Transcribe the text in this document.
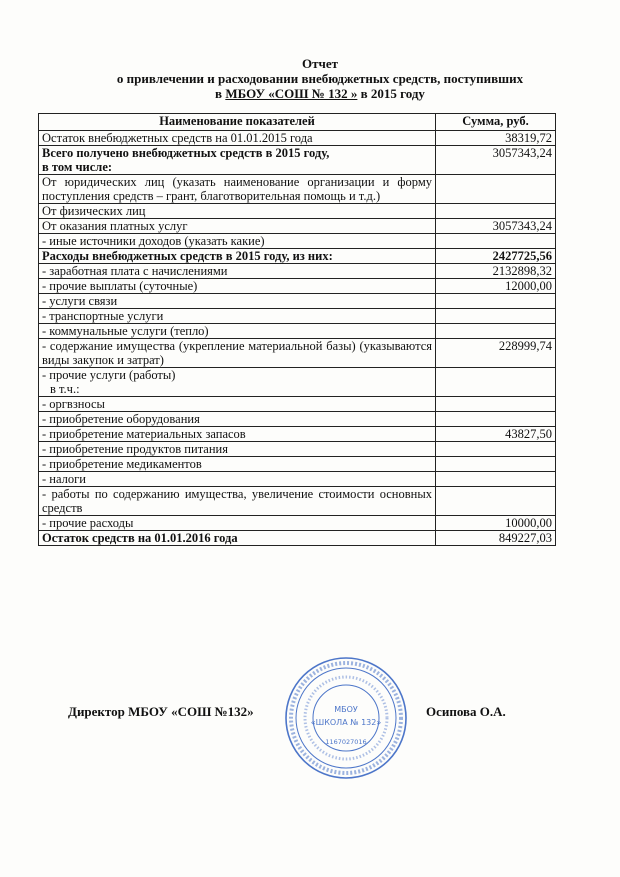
Отчет
о привлечении и расходовании внебюджетных средств, поступивших
в МБОУ «СОШ № 132 » в 2015 году
Наименование показателей	Сумма, руб.
Остаток внебюджетных средств на 01.01.2015 года	38319,72

Всего получено внебюджетных средств в 2015 году,
в том числе:	3057343,24
От юридических лиц (указать наименование организации и форму поступления средств – грант, благотворительная помощь и т.д.)	
От физических лиц	
От оказания платных услуг	3057343,24
- иные источники доходов (указать какие)	
Расходы внебюджетных средств в 2015 году, из них:	2427725,56
- заработная плата с начислениями	2132898,32
- прочие выплаты (суточные)	12000,00
- услуги связи	
- транспортные услуги	
- коммунальные услуги (тепло)	
- содержание имущества (укрепление материальной базы) (указываются виды закупок и затрат)	228999,74

- прочие услуги (работы)
в т.ч.:	

- оргвзносы	
- приобретение оборудования	
- приобретение материальных запасов	43827,50
- приобретение продуктов питания	
- приобретение медикаментов	
- налоги	
- работы по содержанию имущества, увеличение стоимости основных средств	
- прочие расходы	10000,00
Остаток средств на 01.01.2016 года	849227,03
Директор МБОУ «СОШ №132»	Осипова О.А.
МБОУ
«ШКОЛА № 132»
1167027016
